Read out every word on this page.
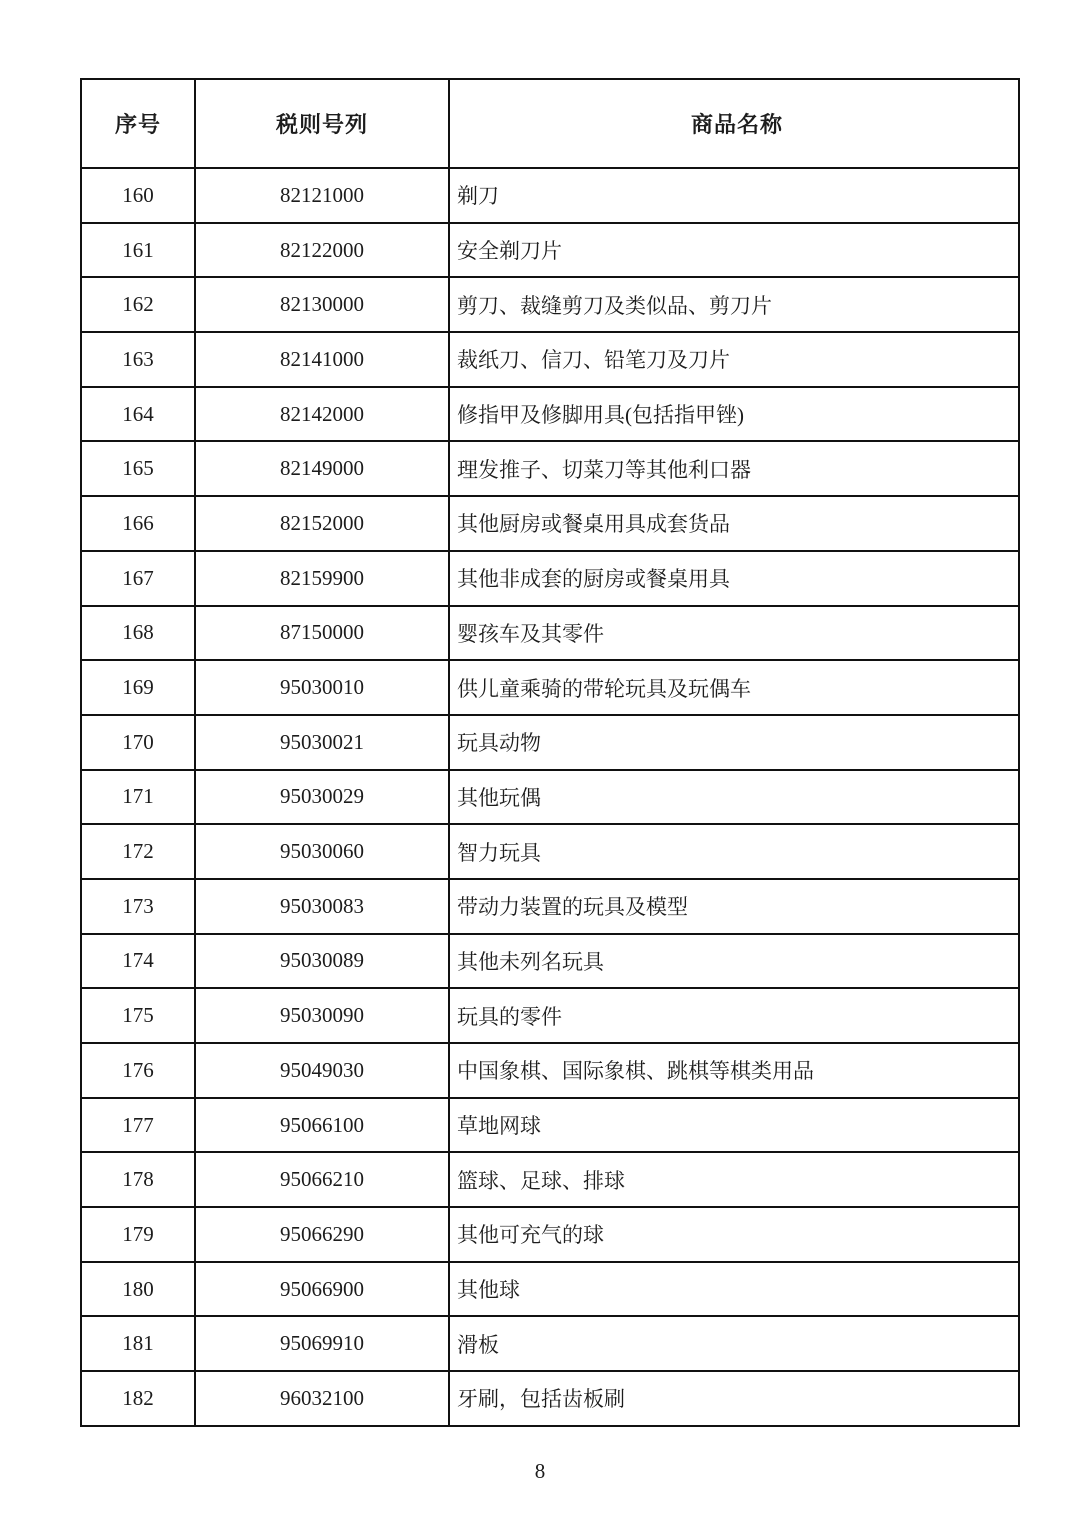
序号	税则号列	商品名称
160	82121000	剃刀
161	82122000	安全剃刀片
162	82130000	剪刀、裁缝剪刀及类似品、剪刀片
163	82141000	裁纸刀、信刀、铅笔刀及刀片
164	82142000	修指甲及修脚用具(包括指甲锉)
165	82149000	理发推子、切菜刀等其他利口器
166	82152000	其他厨房或餐桌用具成套货品
167	82159900	其他非成套的厨房或餐桌用具
168	87150000	婴孩车及其零件
169	95030010	供儿童乘骑的带轮玩具及玩偶车
170	95030021	玩具动物
171	95030029	其他玩偶
172	95030060	智力玩具
173	95030083	带动力装置的玩具及模型
174	95030089	其他未列名玩具
175	95030090	玩具的零件
176	95049030	中国象棋、国际象棋、跳棋等棋类用品
177	95066100	草地网球
178	95066210	篮球、足球、排球
179	95066290	其他可充气的球
180	95066900	其他球
181	95069910	滑板
182	96032100	牙刷，包括齿板刷
8
